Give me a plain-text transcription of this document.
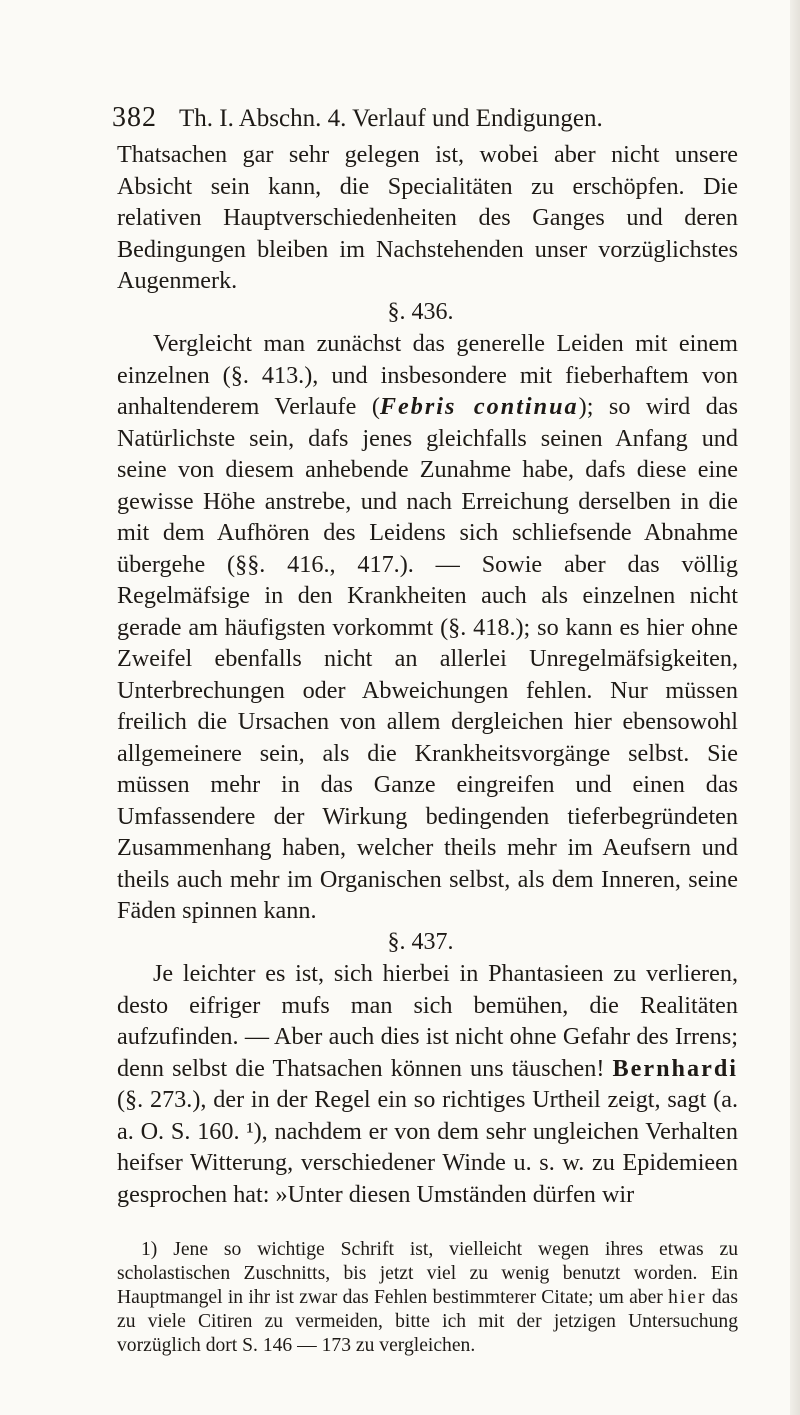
382 Th. I. Abschn. 4. Verlauf und Endigungen.

Thatsachen gar sehr gelegen ist, wobei aber nicht unsere Absicht sein kann, die Specialitäten zu erschöpfen. Die relativen Hauptverschiedenheiten des Ganges und deren Bedingungen bleiben im Nachstehenden unser vorzüglichstes Augenmerk.

§. 436.

Vergleicht man zunächst das generelle Leiden mit einem einzelnen (§. 413.), und insbesondere mit fieberhaftem von anhaltenderem Verlaufe (Febris continua); so wird das Natürlichste sein, dafs jenes gleichfalls seinen Anfang und seine von diesem anhebende Zunahme habe, dafs diese eine gewisse Höhe anstrebe, und nach Erreichung derselben in die mit dem Aufhören des Leidens sich schliefsende Abnahme übergehe (§§. 416., 417.). — Sowie aber das völlig Regelmäfsige in den Krankheiten auch als einzelnen nicht gerade am häufigsten vorkommt (§. 418.); so kann es hier ohne Zweifel ebenfalls nicht an allerlei Unregelmäfsigkeiten, Unterbrechungen oder Abweichungen fehlen. Nur müssen freilich die Ursachen von allem dergleichen hier ebensowohl allgemeinere sein, als die Krankheitsvorgänge selbst. Sie müssen mehr in das Ganze eingreifen und einen das Umfassendere der Wirkung bedingenden tieferbegründeten Zusammenhang haben, welcher theils mehr im Aeufsern und theils auch mehr im Organischen selbst, als dem Inneren, seine Fäden spinnen kann.

§. 437.

Je leichter es ist, sich hierbei in Phantasieen zu verlieren, desto eifriger mufs man sich bemühen, die Realitäten aufzufinden. — Aber auch dies ist nicht ohne Gefahr des Irrens; denn selbst die Thatsachen können uns täuschen! Bernhardi (§. 273.), der in der Regel ein so richtiges Urtheil zeigt, sagt (a. a. O. S. 160. ¹), nachdem er von dem sehr ungleichen Verhalten heifser Witterung, verschiedener Winde u. s. w. zu Epidemieen gesprochen hat: »Unter diesen Umständen dürfen wir

1) Jene so wichtige Schrift ist, vielleicht wegen ihres etwas zu scholastischen Zuschnitts, bis jetzt viel zu wenig benutzt worden. Ein Hauptmangel in ihr ist zwar das Fehlen bestimmterer Citate; um aber hier das zu viele Citiren zu vermeiden, bitte ich mit der jetzigen Untersuchung vorzüglich dort S. 146 — 173 zu vergleichen.
